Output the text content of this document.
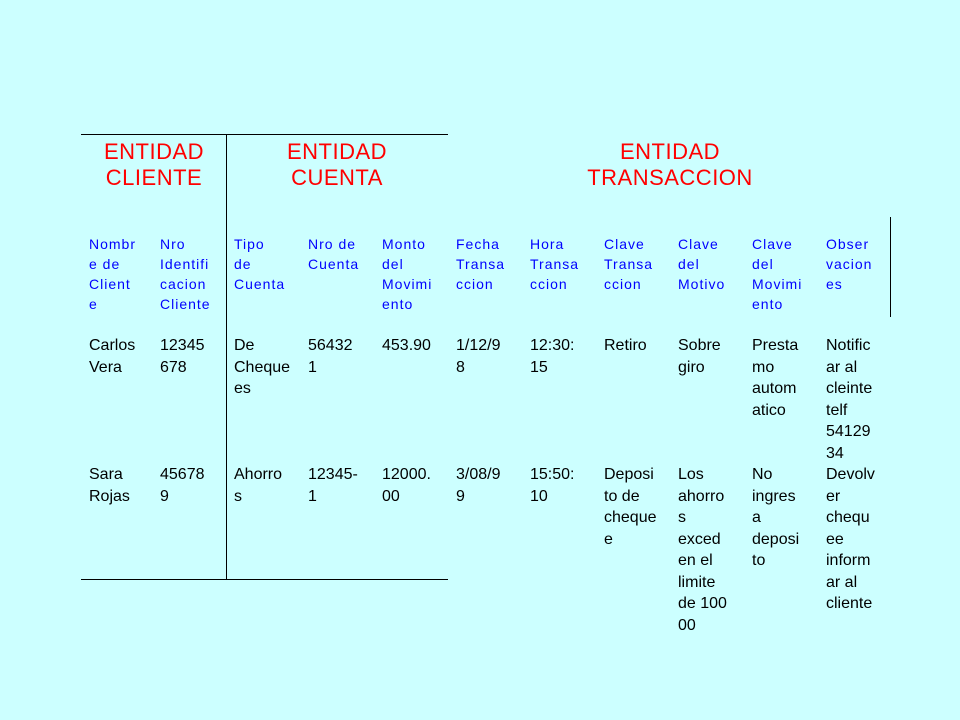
ENTIDAD
CLIENTE
ENTIDAD
CUENTA
ENTIDAD
TRANSACCION
Nombr
e de
Client
e
Nro
Identifi
cacion
Cliente
Tipo
de
Cuenta
Nro de
Cuenta
Monto
del
Movimi
ento
Fecha
Transa
ccion
Hora
Transa
ccion
Clave
Transa
ccion
Clave
del
Motivo
Clave
del
Movimi
ento
Obser
vacion
es
Carlos
Vera
12345
678
De
Cheque
es
56432
1
453.90 1/12/9
8
12:30:
15
Retiro Sobre
giro
Presta
mo
autom
atico
Notific
ar al
cleinte
telf
54129
34
Sara
Rojas
45678
9
Ahorro
s
12345-
1
12000.
00
3/08/9
9
15:50:
10
Deposi
to de
cheque
e
Los
ahorro
s
exced
en el
limite
de 100
00
No
ingres
a
deposi
to
Devolv
er
chequ
ee
inform
ar al
cliente
